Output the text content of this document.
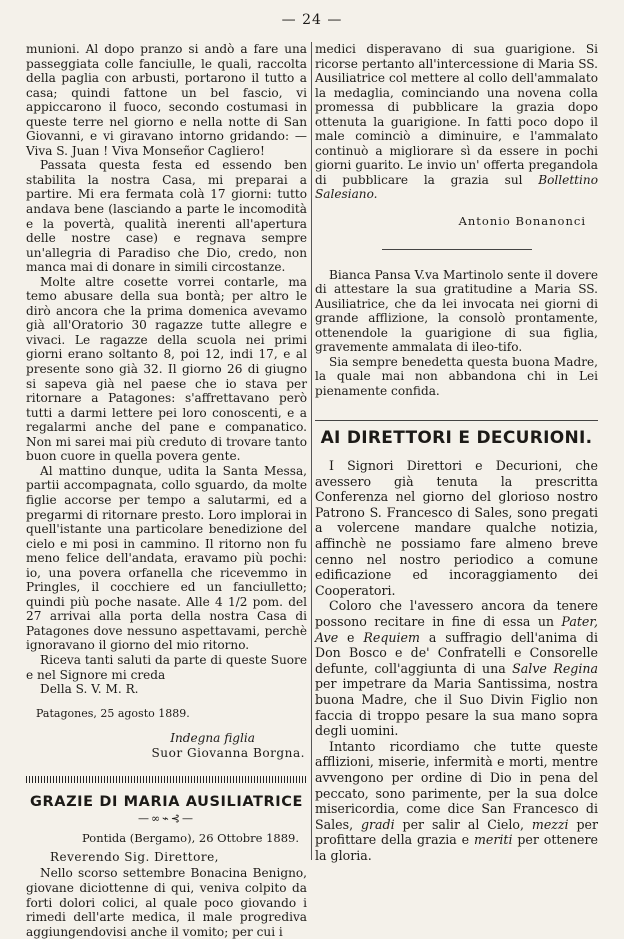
— 24 —

munioni. Al dopo pranzo si andò a fare una passeggiata colle fanciulle, le quali, raccolta della paglia con arbusti, portarono il tutto a casa; quindi fattone un bel fascio, vi appiccarono il fuoco, secondo costumasi in queste terre nel giorno e nella notte di San Giovanni, e vi giravano intorno gridando: — Viva S. Juan ! Viva Monseñor Cagliero!

Passata questa festa ed essendo ben stabilita la nostra Casa, mi preparai a partire. Mi era fermata colà 17 giorni: tutto andava bene (lasciando a parte le incomodità e la povertà, qualità inerenti all'apertura delle nostre case) e regnava sempre un'allegria di Paradiso che Dio, credo, non manca mai di donare in simili circostanze.

Molte altre cosette vorrei contarle, ma temo abusare della sua bontà; per altro le dirò ancora che la prima domenica avevamo già all'Oratorio 30 ragazze tutte allegre e vivaci. Le ragazze della scuola nei primi giorni erano soltanto 8, poi 12, indi 17, e al presente sono già 32. Il giorno 26 di giugno si sapeva già nel paese che io stava per ritornare a Patagones: s'affrettavano però tutti a darmi lettere pei loro conoscenti, e a regalarmi anche del pane e companatico. Non mi sarei mai più creduto di trovare tanto buon cuore in quella povera gente.

Al mattino dunque, udita la Santa Messa, partii accompagnata, collo sguardo, da molte figlie accorse per tempo a salutarmi, ed a pregarmi di ritornare presto. Loro implorai in quell'istante una particolare benedizione del cielo e mi posi in cammino. Il ritorno non fu meno felice dell'andata, eravamo più pochi: io, una povera orfanella che ricevemmo in Pringles, il cocchiere ed un fanciulletto; quindi più poche nasate. Alle 4 1/2 pom. del 27 arrivai alla porta della nostra Casa di Patagones dove nessuno aspettavami, perchè ignoravano il giorno del mio ritorno.

Riceva tanti saluti da parte di queste Suore e nel Signore mi creda

Della S. V. M. R.

Patagones, 25 agosto 1889.

Indegna figlia

Suor Giovanna Borgna.

GRAZIE DI MARIA AUSILIATRICE
—∞⌁⊰—

Pontida (Bergamo), 26 Ottobre 1889.

Reverendo Sig. Direttore,

Nello scorso settembre Bonacina Benigno, giovane diciottenne di qui, veniva colpito da forti dolori colici, al quale poco giovando i rimedi dell'arte medica, il male progrediva aggiungendovisi anche il vomito; per cui i

medici disperavano di sua guarigione. Si ricorse pertanto all'intercessione di Maria SS. Ausiliatrice col mettere al collo dell'ammalato la medaglia, cominciando una novena colla promessa di pubblicare la grazia dopo ottenuta la guarigione. In fatti poco dopo il male cominciò a diminuire, e l'ammalato continuò a migliorare sì da essere in pochi giorni guarito. Le invio un' offerta pregandola di pubblicare la grazia sul Bollettino Salesiano.

Antonio Bonanonci

Bianca Pansa V.va Martinolo sente il dovere di attestare la sua gratitudine a Maria SS. Ausiliatrice, che da lei invocata nei giorni di grande afflizione, la consolò prontamente, ottenendole la guarigione di sua figlia, gravemente ammalata di ileo-tifo.

Sia sempre benedetta questa buona Madre, la quale mai non abbandona chi in Lei pienamente confida.

AI DIRETTORI E DECURIONI.

I Signori Direttori e Decurioni, che avessero già tenuta la prescritta Conferenza nel giorno del glorioso nostro Patrono S. Francesco di Sales, sono pregati a volercene mandare qualche notizia, affinchè ne possiamo fare almeno breve cenno nel nostro periodico a comune edificazione ed incoraggiamento dei Cooperatori.

Coloro che l'avessero ancora da tenere possono recitare in fine di essa un Pater, Ave e Requiem a suffragio dell'anima di Don Bosco e de' Confratelli e Consorelle defunte, coll'aggiunta di una Salve Regina per impetrare da Maria Santissima, nostra buona Madre, che il Suo Divin Figlio non faccia di troppo pesare la sua mano sopra degli uomini.

Intanto ricordiamo che tutte queste afflizioni, miserie, infermità e morti, mentre avvengono per ordine di Dio in pena del peccato, sono parimente, per la sua dolce misericordia, come dice San Francesco di Sales, gradi per salir al Cielo, mezzi per profittare della grazia e meriti per ottenere la gloria.
